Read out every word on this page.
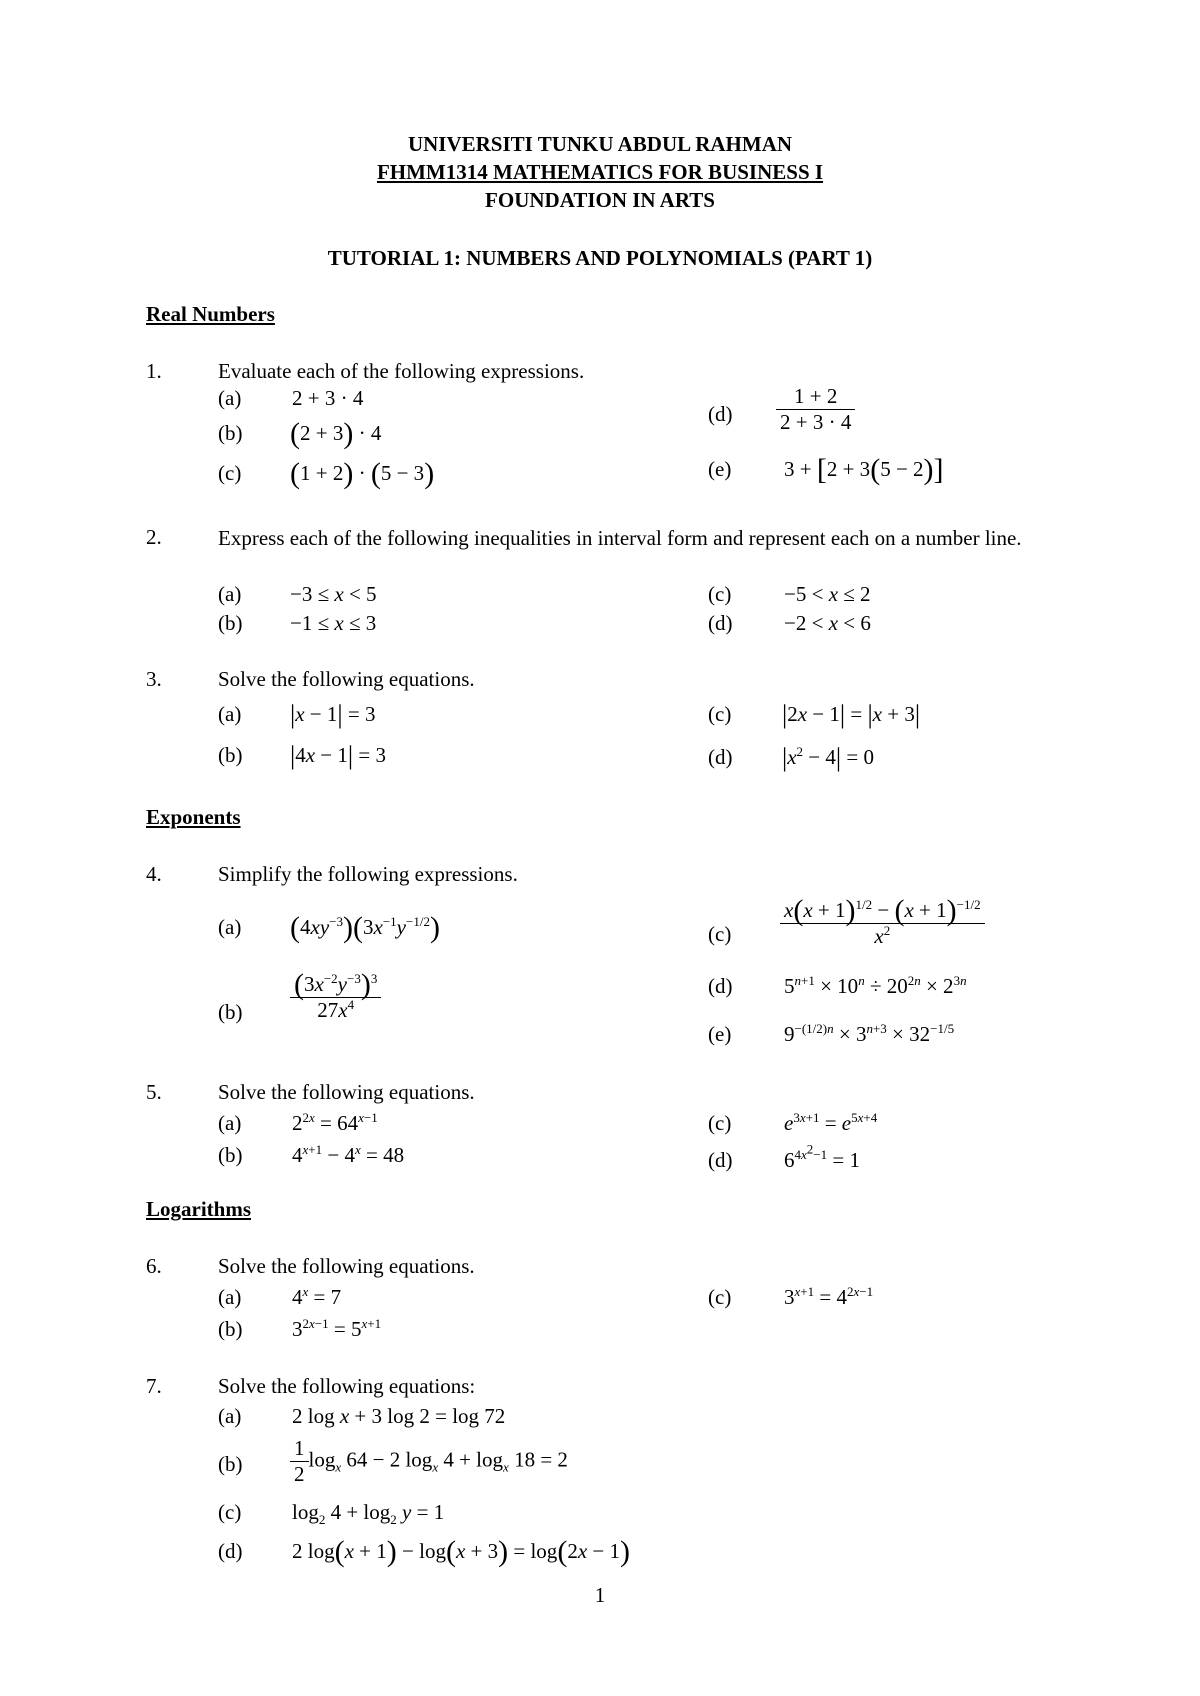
UNIVERSITI TUNKU ABDUL RAHMAN
FHMM1314 MATHEMATICS FOR BUSINESS I
FOUNDATION IN ARTS
TUTORIAL 1: NUMBERS AND POLYNOMIALS (PART 1)
Real Numbers
1.	Evaluate each of the following expressions.
(a) 2 + 3 · 4
(b) (2 + 3) · 4
(c) (1 + 2) · (5 − 3)
$(d) \frac{1 + 2}{2 + 3 \cdot 4}$
(e)	3 + [2 + 3(5 − 2)]
2.	Express each of the following inequalities in interval form and represent each on a number line.
(a) −3 ≤ x < 5
(b) −1 ≤ x ≤ 3
(c)	−5 < x ≤ 2
(d) −2 < x < 6
3.	Solve the following equations.
(a) |x − 1| = 3
(b) |4x − 1| = 3
(c) |2x − 1| = |x + 3|
(d) $|x^2 - 4| = 0$
Exponents
4.	Simplify the following expressions.
(a) $(4xy^{-3})(3x^{-1}y^{-1/2})$
$(b) \frac{(3x^{-2}y^{-3})^3}{27x^4}$
$(c) \frac{x(x + 1)^{1/2} - (x + 1)^{-1/2}}{x^2}$
(d) $5^{n+1} \times 10^n \div 20^{2n} \times 2^{3n}$
(e)	$9^{-(1/2)n} \times 3^{n+3} \times 32^{-1/5}$
5.	Solve the following equations.
(a) $2^{2x} = 64^{x-1}$
(b) $4^{x+1} - 4^x = 48$
(c)	$e^{3x+1} = e^{5x+4}$
(d) $6^{4x^2-1} = 1$
Logarithms
6.	Solve the following equations.
(a) $4^x = 7$
(b) $3^{2x-1} = 5^{x+1}$
(c)	$3^{x+1} = 4^{2x-1}$
7.	Solve the following equations:
(a) 2 log x + 3 log 2 = log 72
$(b) \frac{1}{2} \log_x 64 - 2$ $\log_x 4 + \log_x 18 = 2$
(c) $\log_2 4 + \log_2 y = 1$
(d) 2 log(x + 1) − log(x + 3) = log(2x − 1)
1
